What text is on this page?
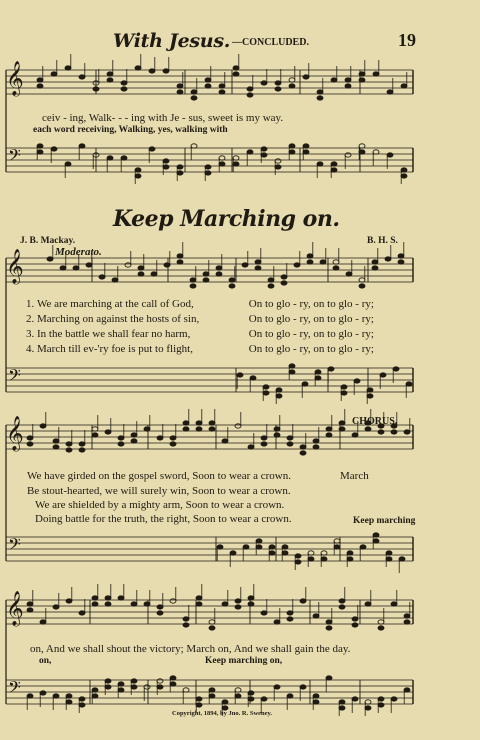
𝄞
𝄢
𝄞
𝄢
𝄞
𝄢
𝄞
𝄢
With Jesus. —CONCLUDED.	19
ceiv - ing, Walk- - - ing with Je - sus, sweet is my way.
each word receiving, Walking, yes, walking with
Keep Marching on.
J. B. Mackay.	B. H. S.
Moderato.
1. We are marching at the call of God,	On to glo - ry, on to glo - ry;
2. Marching on against the hosts of sin,	On to glo - ry, on to glo - ry;
3. In the battle we shall fear no harm,	On to glo - ry, on to glo - ry;
4. March till ev-'ry foe is put to flight,	On to glo - ry, on to glo - ry;
CHORUS.
We have girded on the gospel sword, Soon to wear a crown.	March
Be stout-hearted, we will surely win, Soon to wear a crown.
We are shielded by a mighty arm, Soon to wear a crown.
Doing battle for the truth, the right, Soon to wear a crown.	Keep marching
on, And we shall shout the victory; March on, And we shall gain the day.
on,	Keep marching on,
Copyright, 1894, by Jno. R. Sweney.
